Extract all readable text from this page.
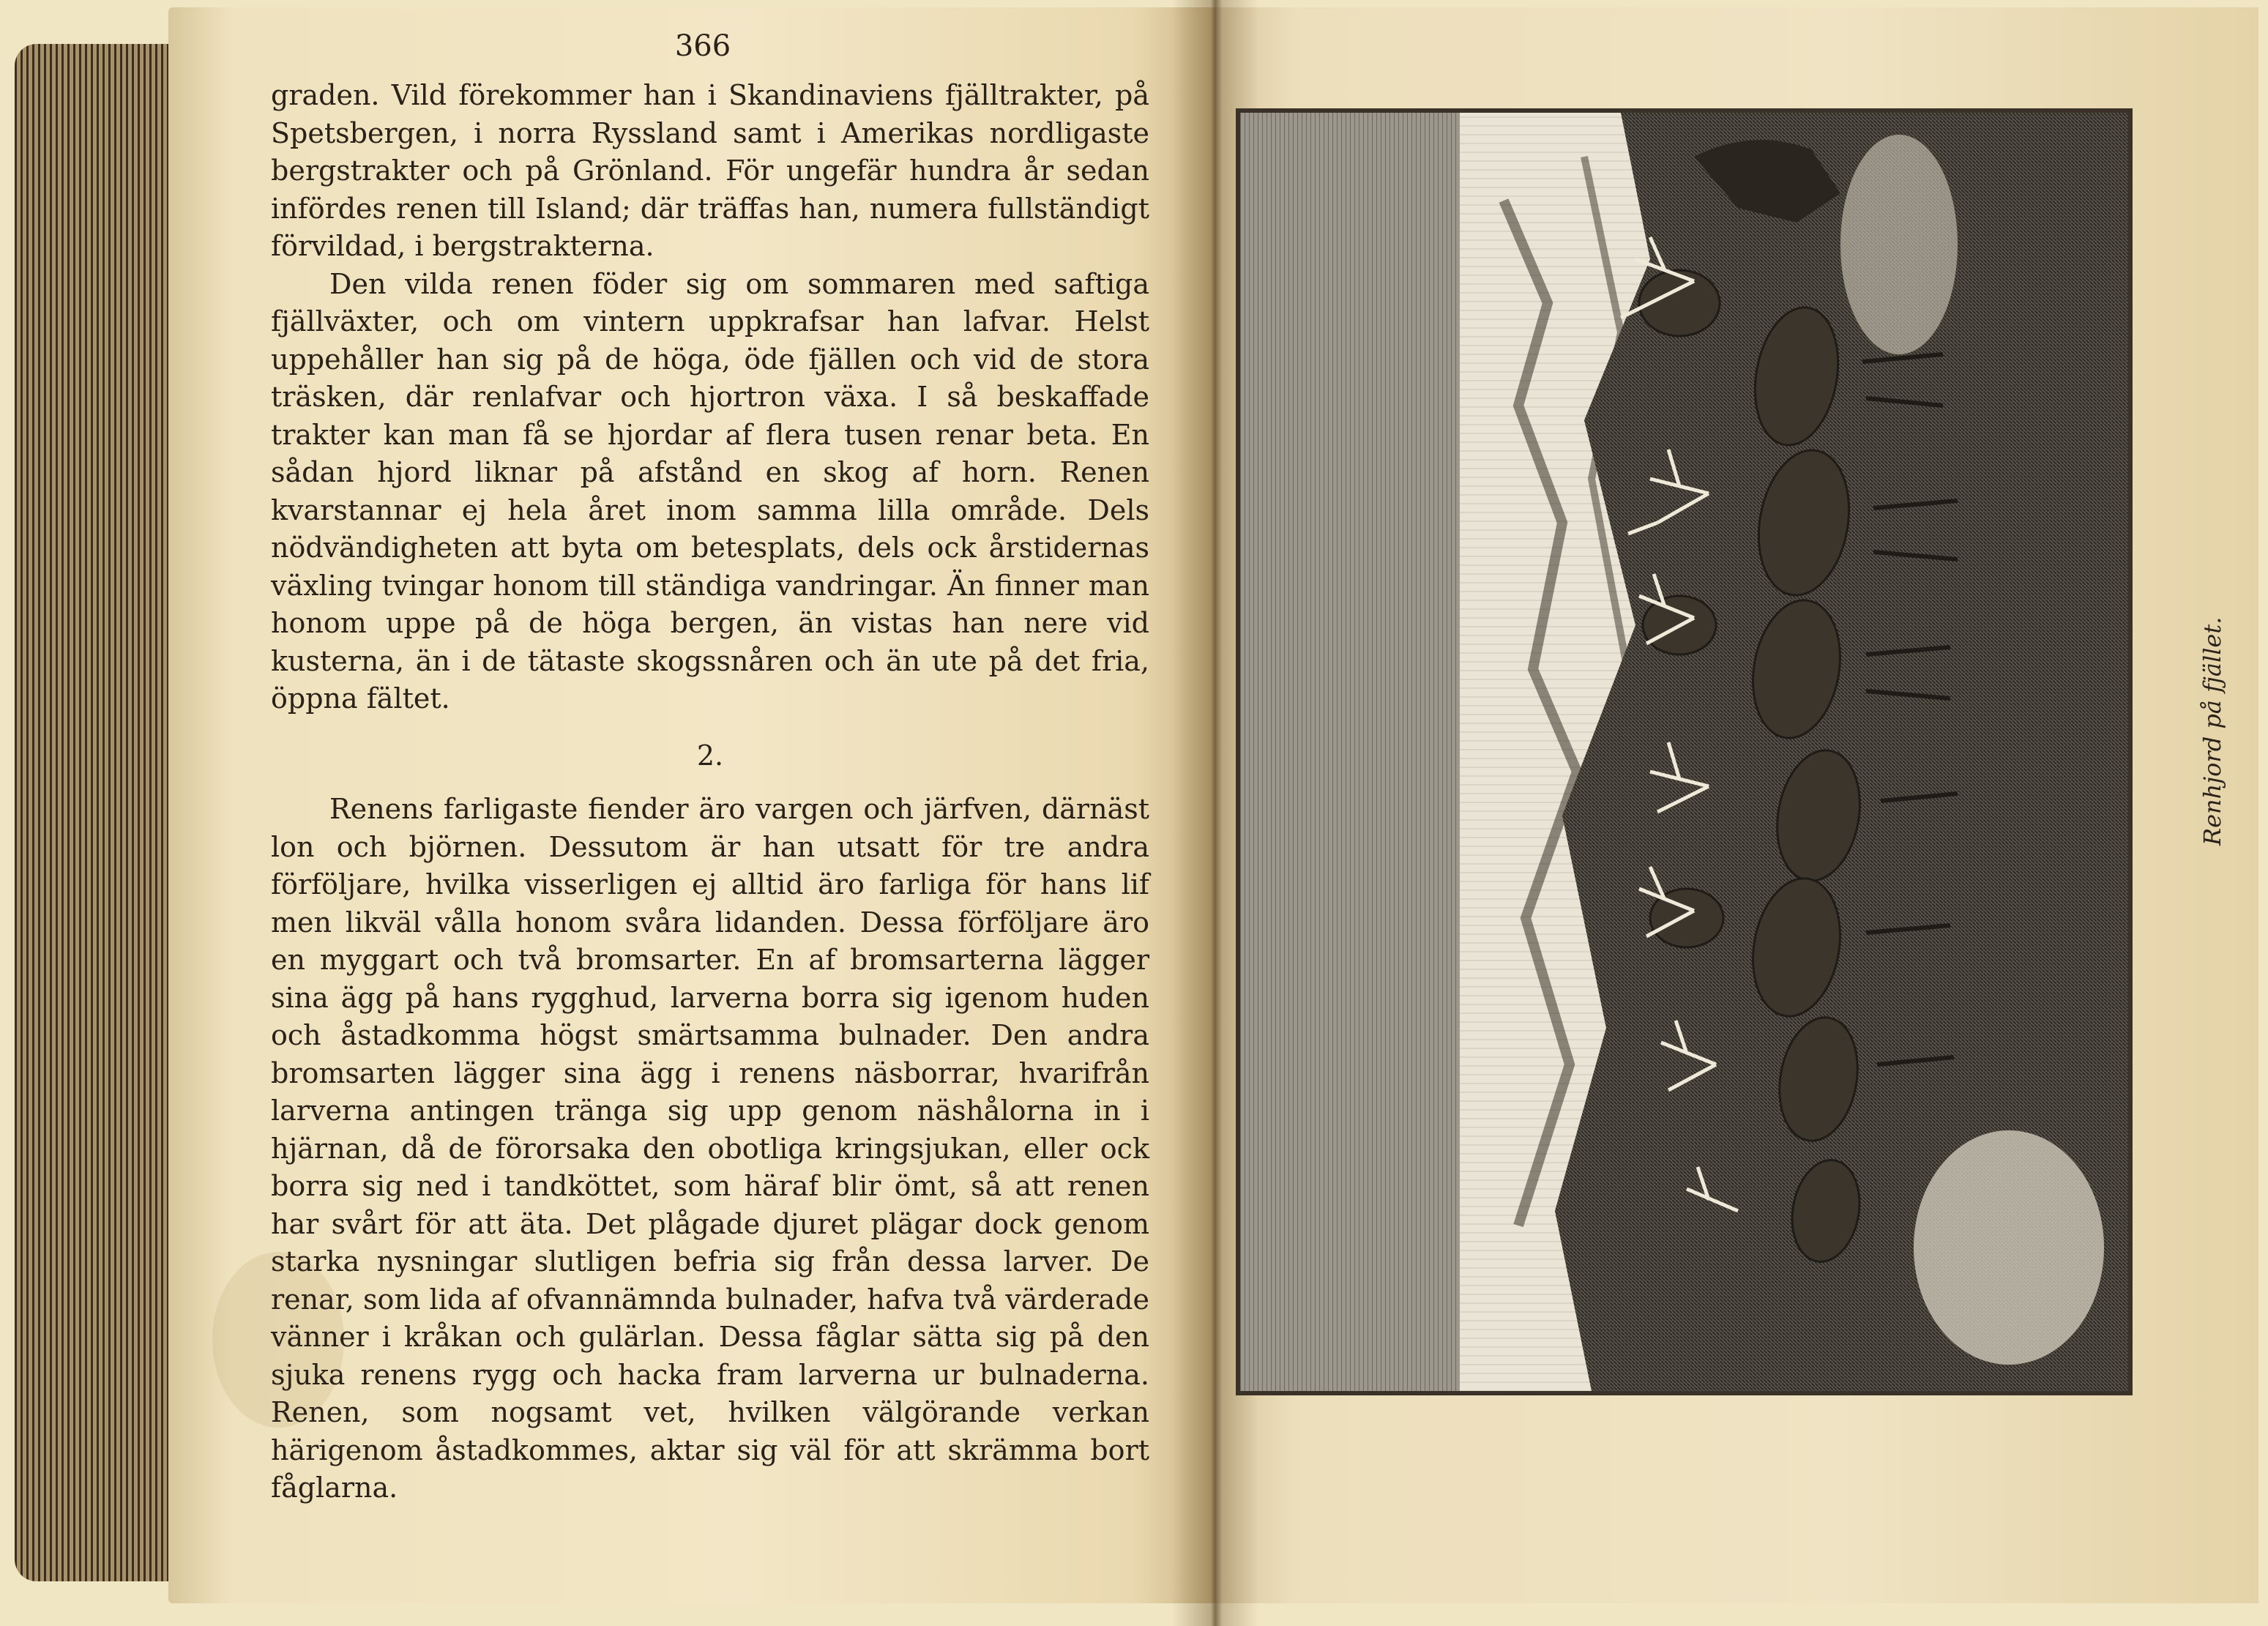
366

graden. Vild förekommer han i Skandinaviens fjälltrakter, på Spetsbergen, i norra Ryssland samt i Amerikas nordligaste bergstrakter och på Grönland. För ungefär hundra år sedan infördes renen till Island; där träffas han, numera fullständigt förvildad, i bergstrakterna.

Den vilda renen föder sig om sommaren med saftiga fjällväxter, och om vintern uppkrafsar han lafvar. Helst uppehåller han sig på de höga, öde fjällen och vid de stora träsken, där renlafvar och hjortron växa. I så beskaffade trakter kan man få se hjordar af flera tusen renar beta. En sådan hjord liknar på afstånd en skog af horn. Renen kvarstannar ej hela året inom samma lilla område. Dels nödvändigheten att byta om betesplats, dels ock årstidernas växling tvingar honom till ständiga vandringar. Än finner man honom uppe på de höga bergen, än vistas han nere vid kusterna, än i de tätaste skogssnåren och än ute på det fria, öppna fältet.

2.

Renens farligaste fiender äro vargen och järfven, därnäst lon och björnen. Dessutom är han utsatt för tre andra förföljare, hvilka visserligen ej alltid äro farliga för hans lif men likväl vålla honom svåra lidanden. Dessa förföljare äro en myggart och två bromsarter. En af bromsarterna lägger sina ägg på hans rygghud, larverna borra sig igenom huden och åstadkomma högst smärtsamma bulnader. Den andra bromsarten lägger sina ägg i renens näsborrar, hvarifrån larverna antingen tränga sig upp genom näshålorna in i hjärnan, då de förorsaka den obotliga kringsjukan, eller ock borra sig ned i tandköttet, som häraf blir ömt, så att renen har svårt för att äta. Det plågade djuret plägar dock genom starka nysningar slutligen befria sig från dessa larver. De renar, som lida af ofvannämnda bulnader, hafva två värderade vänner i kråkan och gulärlan. Dessa fåglar sätta sig på den sjuka renens rygg och hacka fram larverna ur bulnaderna. Renen, som nogsamt vet, hvilken välgörande verkan härigenom åstadkommes, aktar sig väl för att skrämma bort fåglarna.

Renhjord på fjället.
